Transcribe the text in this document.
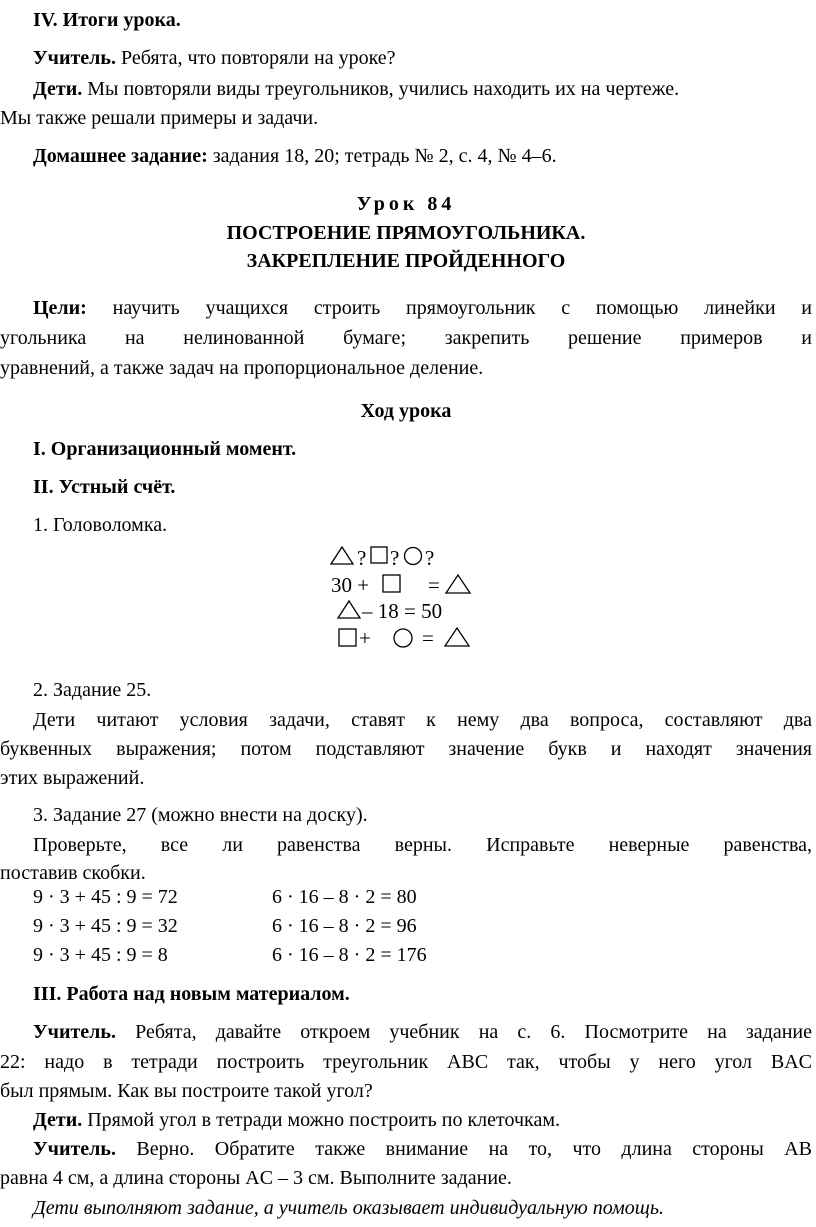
IV. Итоги урока.
Учитель. Ребята, что повторяли на уроке?
Дети. Мы повторяли виды треугольников, учились находить их на чертеже.
Мы также решали примеры и задачи.
Домашнее задание: задания 18, 20; тетрадь № 2, с. 4, № 4–6.
Урок 84
ПОСТРОЕНИЕ ПРЯМОУГОЛЬНИКА.
ЗАКРЕПЛЕНИЕ ПРОЙДЕННОГО
Цели: научить учащихся строить прямоугольник с помощью линейки и
угольника на нелинованной бумаге; закрепить решение примеров и
уравнений, а также задач на пропорциональное деление.
Ход урока
I. Организационный момент.
II. Устный счёт.
1. Головоломка.
? ? ?
30 +	=
– 18 = 50
+ =
2. Задание 25.
Дети читают условия задачи, ставят к нему два вопроса, составляют два
буквенных выражения; потом подставляют значение букв и находят значения
этих выражений.
3. Задание 27 (можно внести на доску).
Проверьте, все ли равенства верны. Исправьте неверные равенства,
поставив скобки.
9 · 3 + 45 : 9 = 72	6 · 16 – 8 · 2 = 80
9 · 3 + 45 : 9 = 32	6 · 16 – 8 · 2 = 96
9 · 3 + 45 : 9 = 8	6 · 16 – 8 · 2 = 176
III. Работа над новым материалом.
Учитель. Ребята, давайте откроем учебник на с. 6. Посмотрите на задание
22: надо в тетради построить треугольник ABC так, чтобы у него угол BAC
был прямым. Как вы построите такой угол?
Дети. Прямой угол в тетради можно построить по клеточкам.
Учитель. Верно. Обратите также внимание на то, что длина стороны AB
равна 4 см, а длина стороны AC – 3 см. Выполните задание.
Дети выполняют задание, а учитель оказывает индивидуальную помощь.
